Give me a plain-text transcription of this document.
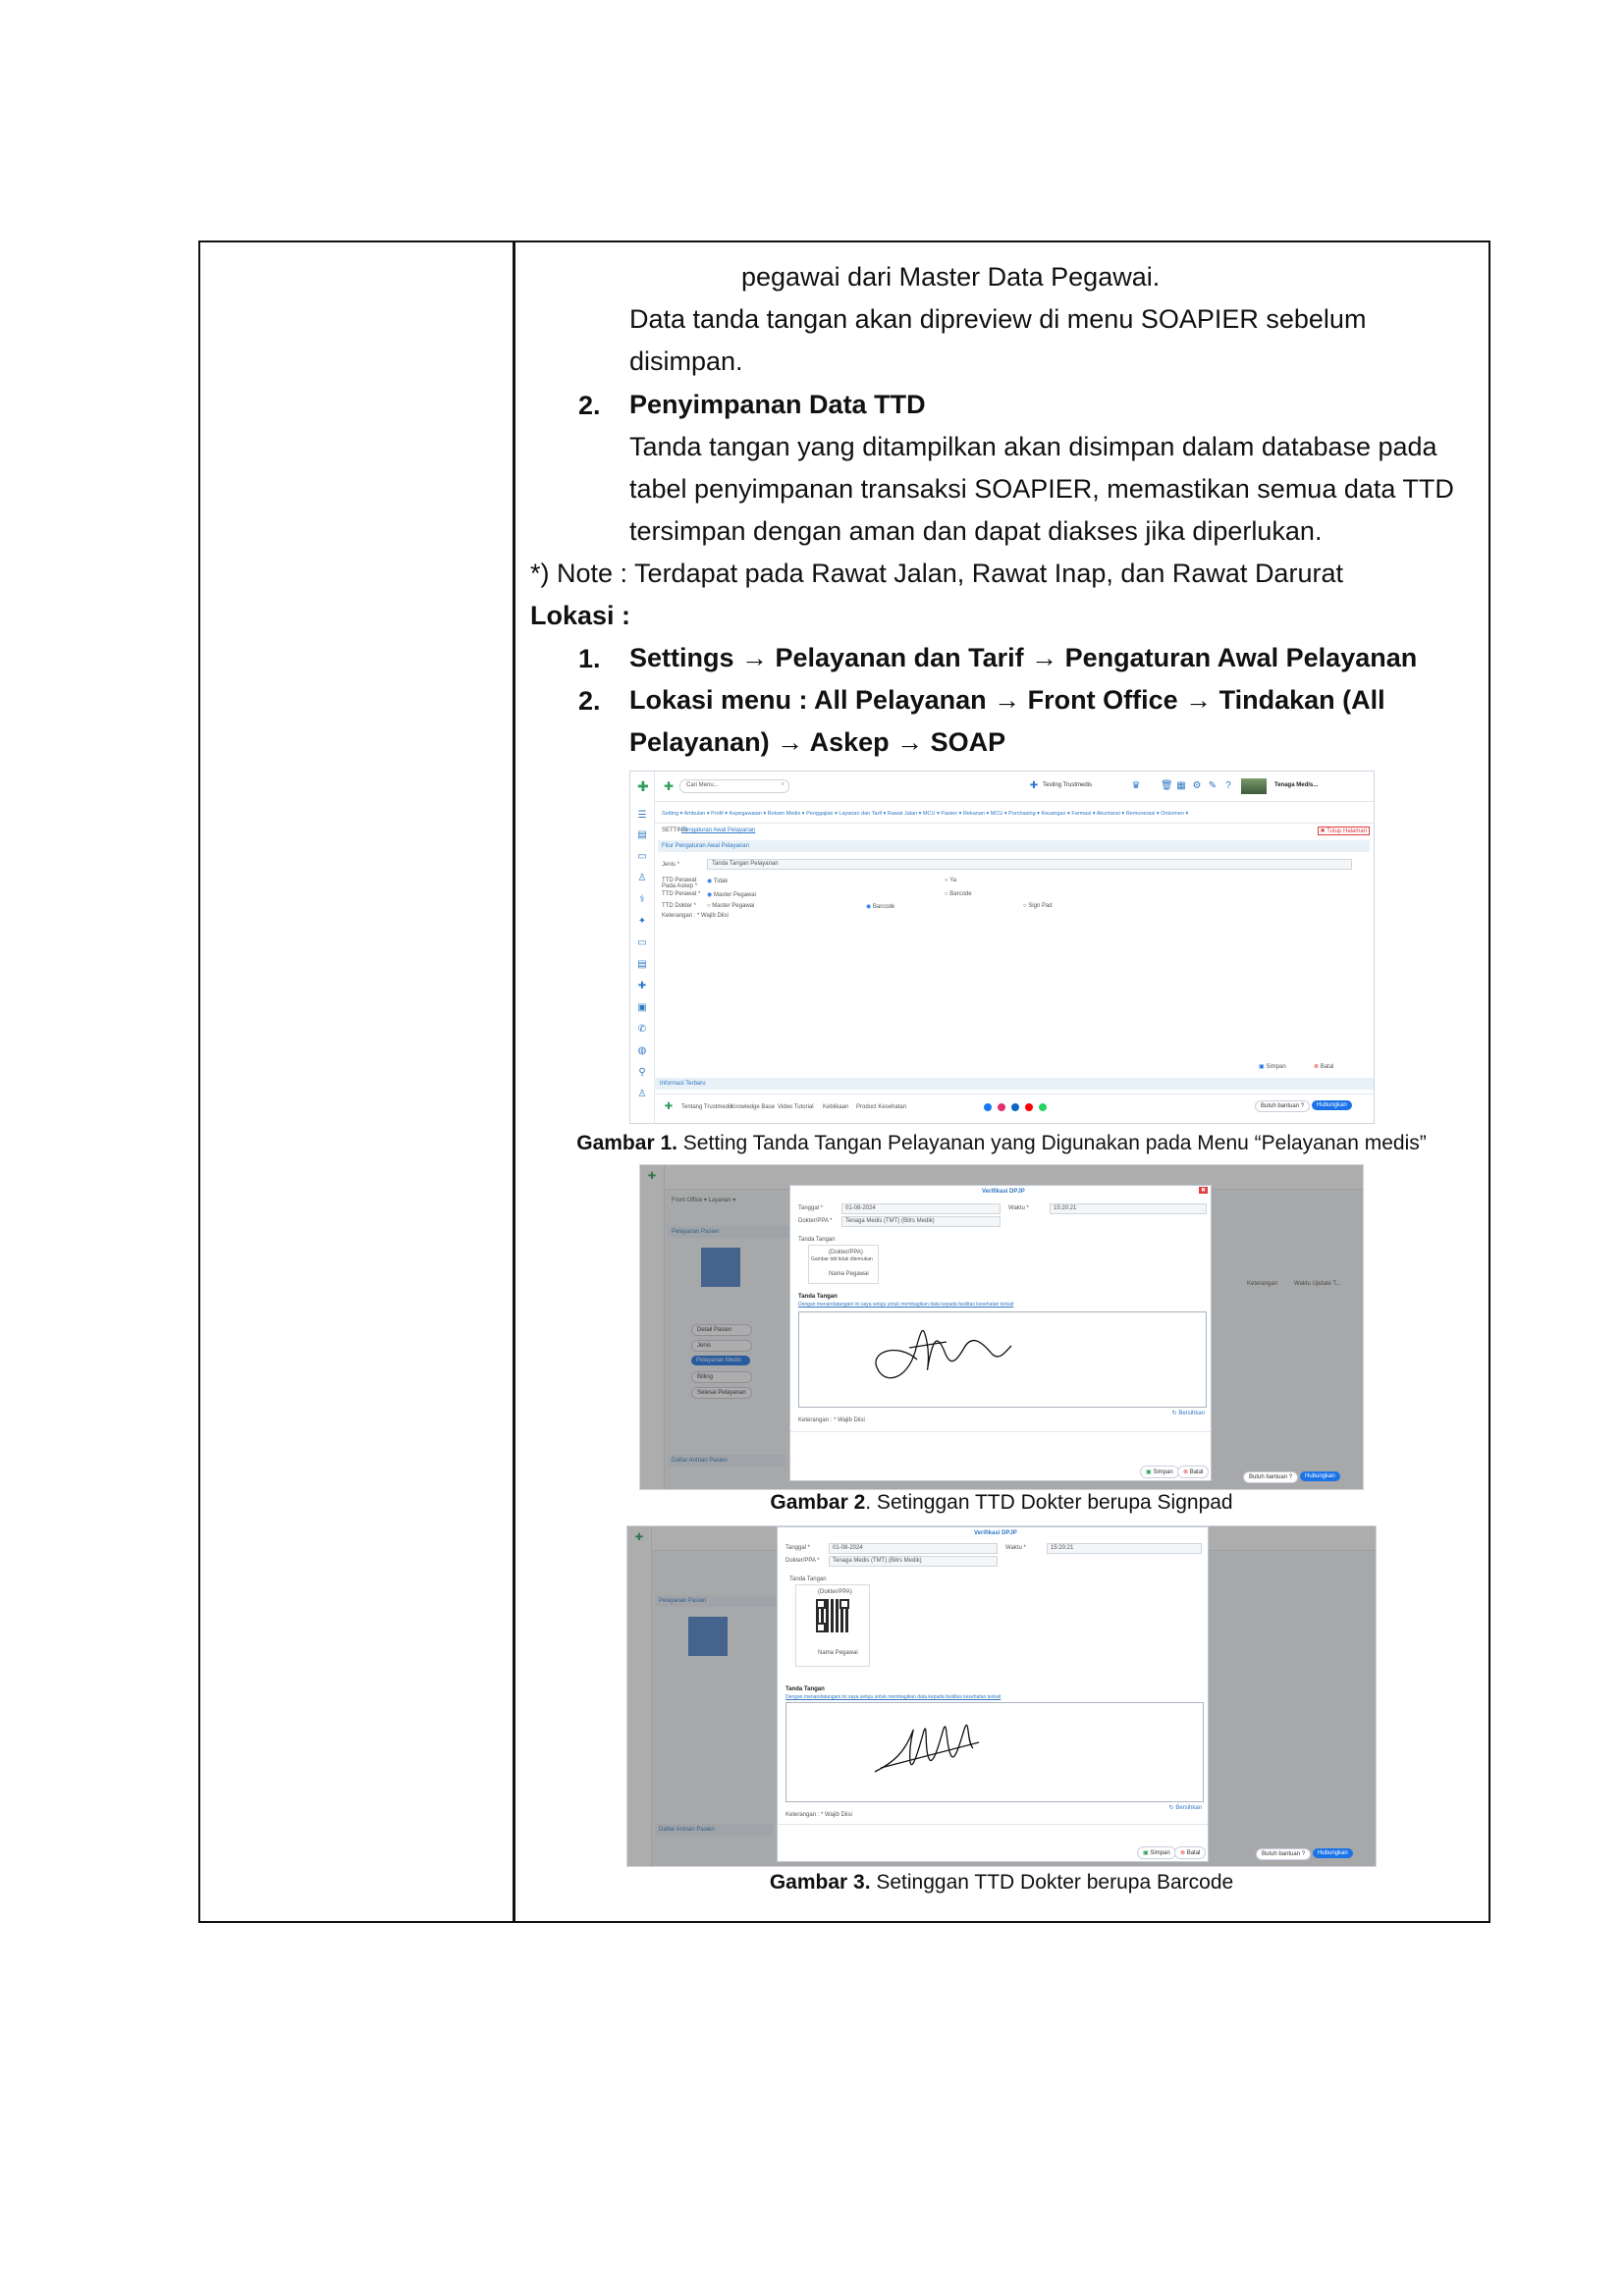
pegawai dari Master Data Pegawai.
Data tanda tangan akan dipreview di menu SOAPIER sebelum
disimpan.
2. Penyimpanan Data TTD
Tanda tangan yang ditampilkan akan disimpan dalam database pada
tabel penyimpanan transaksi SOAPIER, memastikan semua data TTD
tersimpan dengan aman dan dapat diakses jika diperlukan.
*) Note : Terdapat pada Rawat Jalan, Rawat Inap, dan Rawat Darurat
Lokasi :
1. Settings → Pelayanan dan Tarif → Pengaturan Awal Pelayanan
2. Lokasi menu : All Pelayanan → Front Office → Tindakan (All
Pelayanan) → Askep → SOAP
✚ ✚ Cari Menu...	⌕	✚ Testing Trustmedis	♛ 🗑 ▦ ⚙ ✎ ?	Tenaga Medis...
☰	Setting ▾ Ambulan ▾ Profil ▾ Kepegawaian ▾ Rekam Medis ▾ Penggajian ▾ Layanan dan Tarif ▾ Rawat Jalan ▾ MCU ▾ Pasien ▾ Rekanan ▾ MCU ▾ Purchasing ▾ Keuangan ▾ Farmasi ▾ Akuntansi ▾ Remunerasi ▾ Onkomen ▾
SETTING
Pengaturan Awal Pelayanan	✖ Tutup Halaman
Fitur Pengaturan Awal Pelayanan
Jenis *	Tanda Tangan Pelayanan
TTD Perawat Pada Askep *
◉ Tidak	○ Ya
TTD Perawat * ◉ Master Pegawai	○ Barcode
TTD Dokter * ○ Master Pegawai	◉ Barcode	○ Sign Pad
Keterangan : * Wajib Diisi
▤
▭
♙
⚕
✦
▭
▤
✚
▣
✆
◍
⚲
♙
▣ Simpan	⊗ Batal
Informasi Terbaru
✚ Tentang Trustmedis
Knowledge Base Video Tutorial Kebiikaan Product Kesehatan	Butuh bantuan ?	Hubungkan
Gambar 1. Setting Tanda Tangan Pelayanan yang Digunakan pada Menu “Pelayanan medis”
✚
Front Office ▾ Layanan ▾
Pelayanan Pasien
Detail Pasien
Jenis
Pelayanan Medis
Billing
Selesai Pelayanan
Keterangan	Waktu Update T...
Daftar Antrian Pasien
Verifikasi DPJP	✖
Tanggal *	01-08-2024	Waktu *	15:20:21
Dokter/PPA * Tenaga Medis (TMT) (Bitrs Medik)
Tanda Tangan
(Dokter/PPA)
Gambar tdd tidak ditemukan
Nama Pegawai
Tanda Tangan
Dengan menandatangani ini saya setuju untuk membagikan data kepada fasilitas kesehatan terkait
↻ Bersihkan
Keterangan : * Wajib Diisi
▣ Simpan	⊗ Batal
Butuh bantuan ?	Hubungkan
Gambar 2. Setinggan TTD Dokter berupa Signpad
✚
Pelayanan Pasien
Daftar Antrian Pasien
Verifikasi DPJP
Tanggal *	01-08-2024	Waktu *	15:20:21
Dokter/PPA * Tenaga Medis (TMT) (Bitrs Medik)
Tanda Tangan
(Dokter/PPA)
Nama Pegawai
Tanda Tangan
Dengan menandatangani ini saya setuju untuk membagikan data kepada fasilitas kesehatan terkait
↻ Bersihkan
Keterangan : * Wajib Diisi
▣ Simpan	⊗ Batal	Butuh bantuan ?	Hubungkan
Gambar 3. Setinggan TTD Dokter berupa Barcode
